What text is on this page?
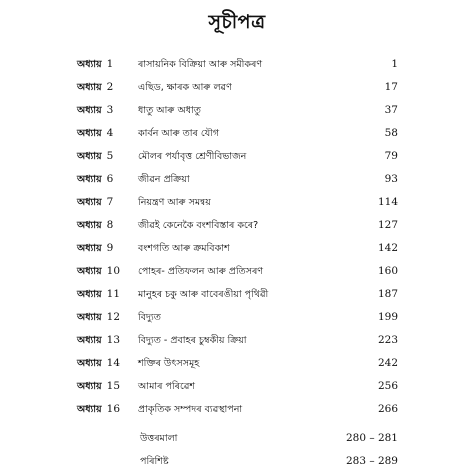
সূচীপত্ৰ
অধ্যায় 1	ৰাসায়নিক বিক্ৰিয়া আৰু সমীকৰণ	1
অধ্যায় 2	এছিড, ক্ষাৰক আৰু লৱণ	17
অধ্যায় 3	ধাতু আৰু অধাতু	37
অধ্যায় 4	কাৰ্বন আৰু তাৰ যৌগ	58
অধ্যায় 5	মৌলৰ পৰ্যাবৃত্ত শ্ৰেণীবিভাজন	79
অধ্যায় 6	জীৱন প্ৰক্ৰিয়া	93
অধ্যায় 7	নিয়ন্ত্ৰণ আৰু সমন্বয়	114
অধ্যায় 8	জীৱই কেনেকৈ বংশবিস্তাৰ কৰে?	127
অধ্যায় 9	বংশগতি আৰু ক্ৰমবিকাশ	142
অধ্যায় 10 পোহৰ- প্ৰতিফলন আৰু প্ৰতিসৰণ	160
অধ্যায় 11 মানুহৰ চকু আৰু বাবেৰঙীয়া পৃথিৱী	187
অধ্যায় 12 বিদ্যুত	199
অধ্যায় 13 বিদ্যুত - প্ৰবাহৰ চুম্বকীয় ক্ৰিয়া	223
অধ্যায় 14 শক্তিৰ উৎসসমূহ	242
অধ্যায় 15 আমাৰ পৰিৱেশ	256
অধ্যায় 16 প্ৰাকৃতিক সম্পদৰ ব্যৱস্থাপনা	266
উত্তৰমালা	280 – 281
পৰিশিষ্ট	283 – 289
